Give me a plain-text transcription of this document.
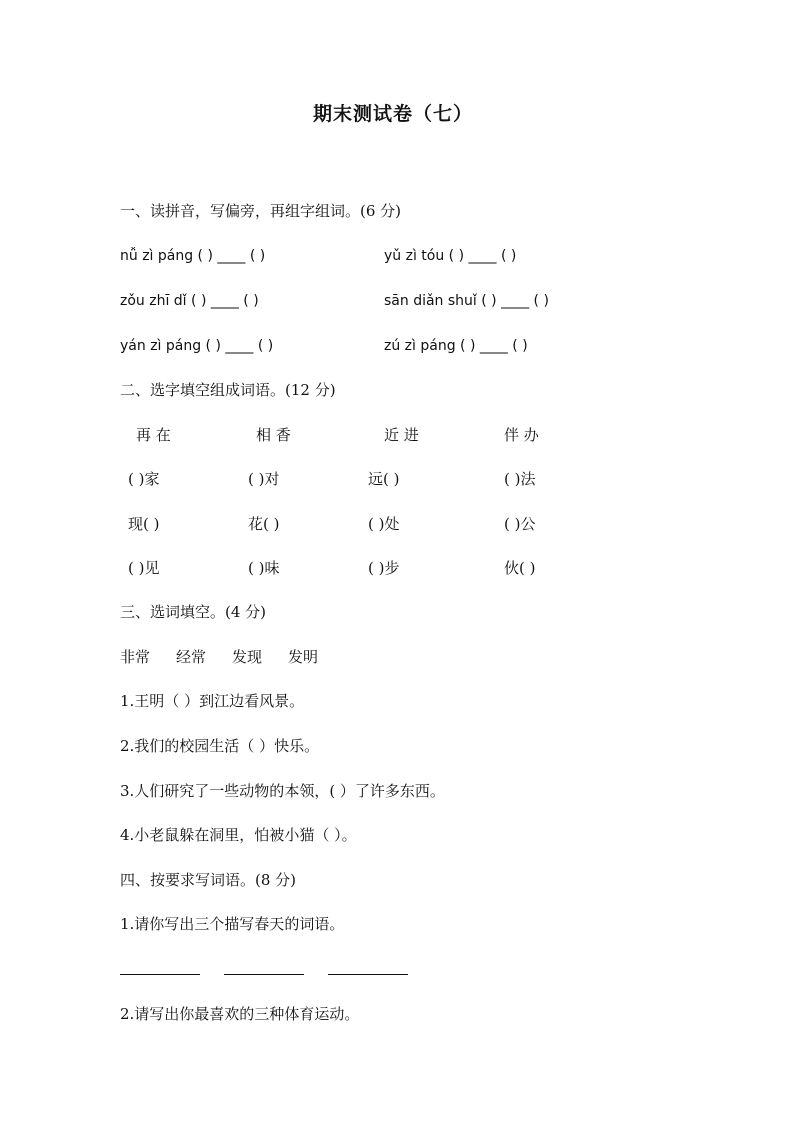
期末测试卷（七）
一、读拼音，写偏旁，再组字组词。(6 分)
nǚ zì páng ( ) ____ ( )	yǔ zì tóu ( ) ____ ( )
zǒu zhī dǐ ( ) ____ ( )	sān diǎn shuǐ ( ) ____ ( )
yán zì páng ( ) ____ ( )	zú zì páng ( ) ____ ( )
二、选字填空组成词语。(12 分)
再 在	相 香	近 进	伴 办
( )家	( )对	远( )	( )法
现( )	花( )	( )处	( )公
( )见	( )味	( )步	伙( )
三、选词填空。(4 分)
非常 经常 发现 发明
1.王明（ ）到江边看风景。
2.我们的校园生活（ ）快乐。
3.人们研究了一些动物的本领，( ）了许多东西。
4.小老鼠躲在洞里，怕被小猫（ ）。
四、按要求写词语。(8 分)
1.请你写出三个描写春天的词语。
2.请写出你最喜欢的三种体育运动。
